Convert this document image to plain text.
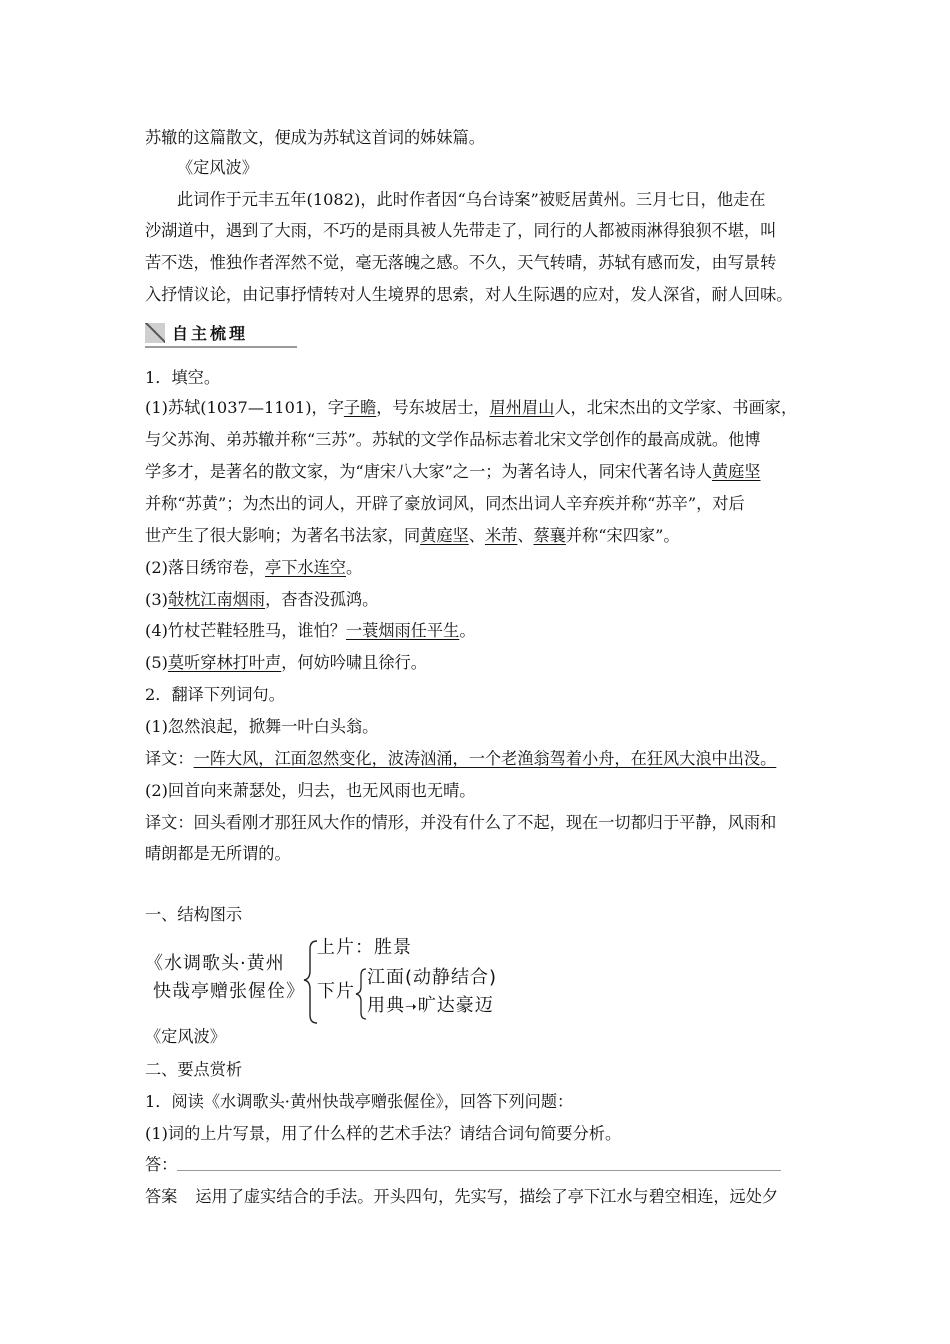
苏辙的这篇散文，便成为苏轼这首词的姊妹篇。
《定风波》
此词作于元丰五年(1082)，此时作者因“乌台诗案”被贬居黄州。三月七日，他走在
沙湖道中，遇到了大雨，不巧的是雨具被人先带走了，同行的人都被雨淋得狼狈不堪，叫
苦不迭，惟独作者浑然不觉，毫无落魄之感。不久，天气转晴，苏轼有感而发，由写景转
入抒情议论，由记事抒情转对人生境界的思索，对人生际遇的应对，发人深省，耐人回味。
自主梳理
1．填空。
(1)苏轼(1037—1101)，字子瞻，号东坡居士，眉州眉山人，北宋杰出的文学家、书画家，
与父苏洵、弟苏辙并称“三苏”。苏轼的文学作品标志着北宋文学创作的最高成就。他博
学多才，是著名的散文家，为“唐宋八大家”之一；为著名诗人，同宋代著名诗人黄庭坚
并称“苏黄”；为杰出的词人，开辟了豪放词风，同杰出词人辛弃疾并称“苏辛”，对后
世产生了很大影响；为著名书法家，同黄庭坚、米芾、蔡襄并称“宋四家”。
(2)落日绣帘卷，亭下水连空。
(3)敧枕江南烟雨，杳杳没孤鸿。
(4)竹杖芒鞋轻胜马，谁怕？一蓑烟雨任平生。
(5)莫听穿林打叶声，何妨吟啸且徐行。
2．翻译下列词句。
(1)忽然浪起，掀舞一叶白头翁。
译文：一阵大风，江面忽然变化，波涛汹涌，一个老渔翁驾着小舟，在狂风大浪中出没。
(2)回首向来萧瑟处，归去，也无风雨也无晴。
译文：回头看刚才那狂风大作的情形，并没有什么了不起，现在一切都归于平静，风雨和
晴朗都是无所谓的。
一、结构图示
《水调歌头·黄州
快哉亭赠张偓佺》
上片：胜景
下片
江面(动静结合)
用典➝旷达豪迈
《定风波》
二、要点赏析
1．阅读《水调歌头·黄州快哉亭赠张偓佺》，回答下列问题：
(1)词的上片写景，用了什么样的艺术手法？请结合词句简要分析。
答：
答案 运用了虚实结合的手法。开头四句，先实写，描绘了亭下江水与碧空相连，远处夕
